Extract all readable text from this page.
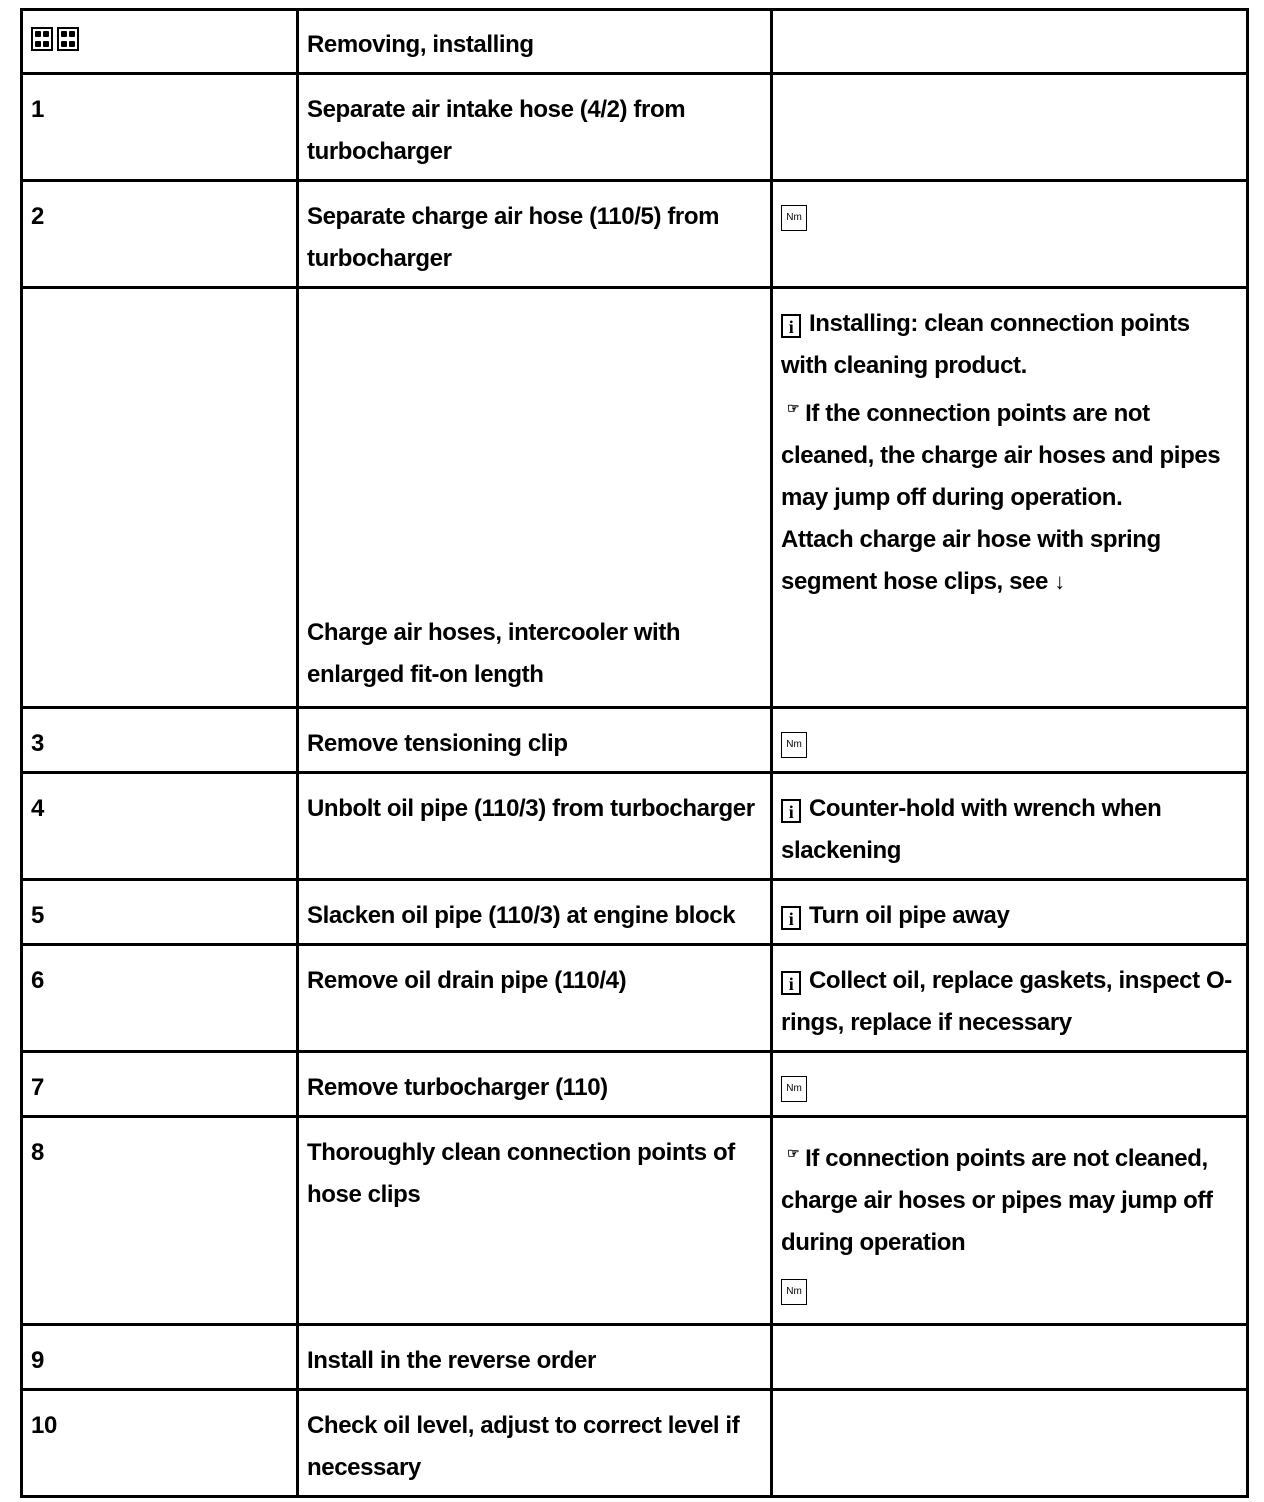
	Removing, installing	
1	Separate air intake hose (4/2) from turbocharger	
2	Separate charge air hose (110/5) from turbocharger	Nm

	Charge air hoses, intercooler with enlarged fit-on length	i Installing: clean connection points with cleaning product.
☞ If the connection points are not cleaned, the charge air hoses and pipes may jump off during operation.
Attach charge air hose with spring segment hose clips, see ↓
3	Remove tensioning clip	Nm
4	Unbolt oil pipe (110/3) from turbocharger	i Counter-hold with wrench when slackening
5	Slacken oil pipe (110/3) at engine block	i Turn oil pipe away
6	Remove oil drain pipe (110/4)	i Collect oil, replace gaskets, inspect O-rings, replace if necessary
7	Remove turbocharger (110)	Nm
8	Thoroughly clean connection points of hose clips	☞ If connection points are not cleaned, charge air hoses or pipes may jump off during operation
Nm

9	Install in the reverse order	
10	Check oil level, adjust to correct level if necessary	
